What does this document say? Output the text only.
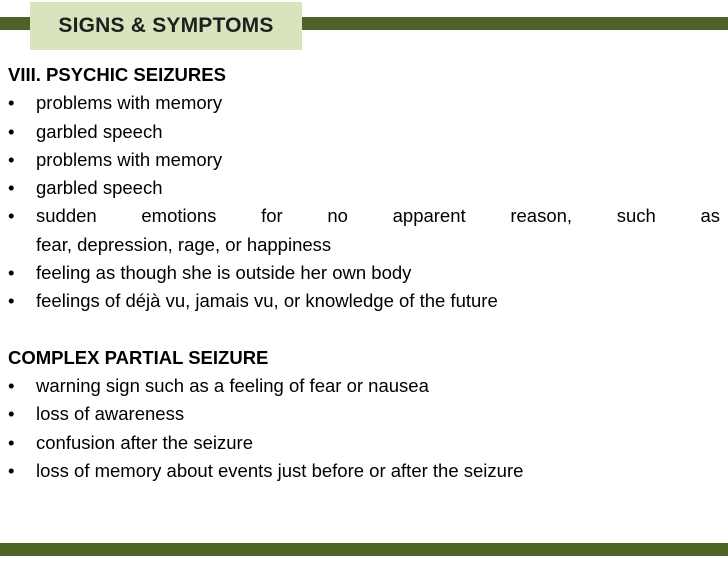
SIGNS & SYMPTOMS
VIII. PSYCHIC SEIZURES
•	problems with memory
•	garbled speech
•	problems with memory
•	garbled speech
•	sudden emotions for no apparent reason, such as
fear, depression, rage, or happiness
•	feeling as though she is outside her own body
•	feelings of déjà vu, jamais vu, or knowledge of the future
COMPLEX PARTIAL SEIZURE
•	warning sign such as a feeling of fear or nausea
•	loss of awareness
•	confusion after the seizure
•	loss of memory about events just before or after the seizure
